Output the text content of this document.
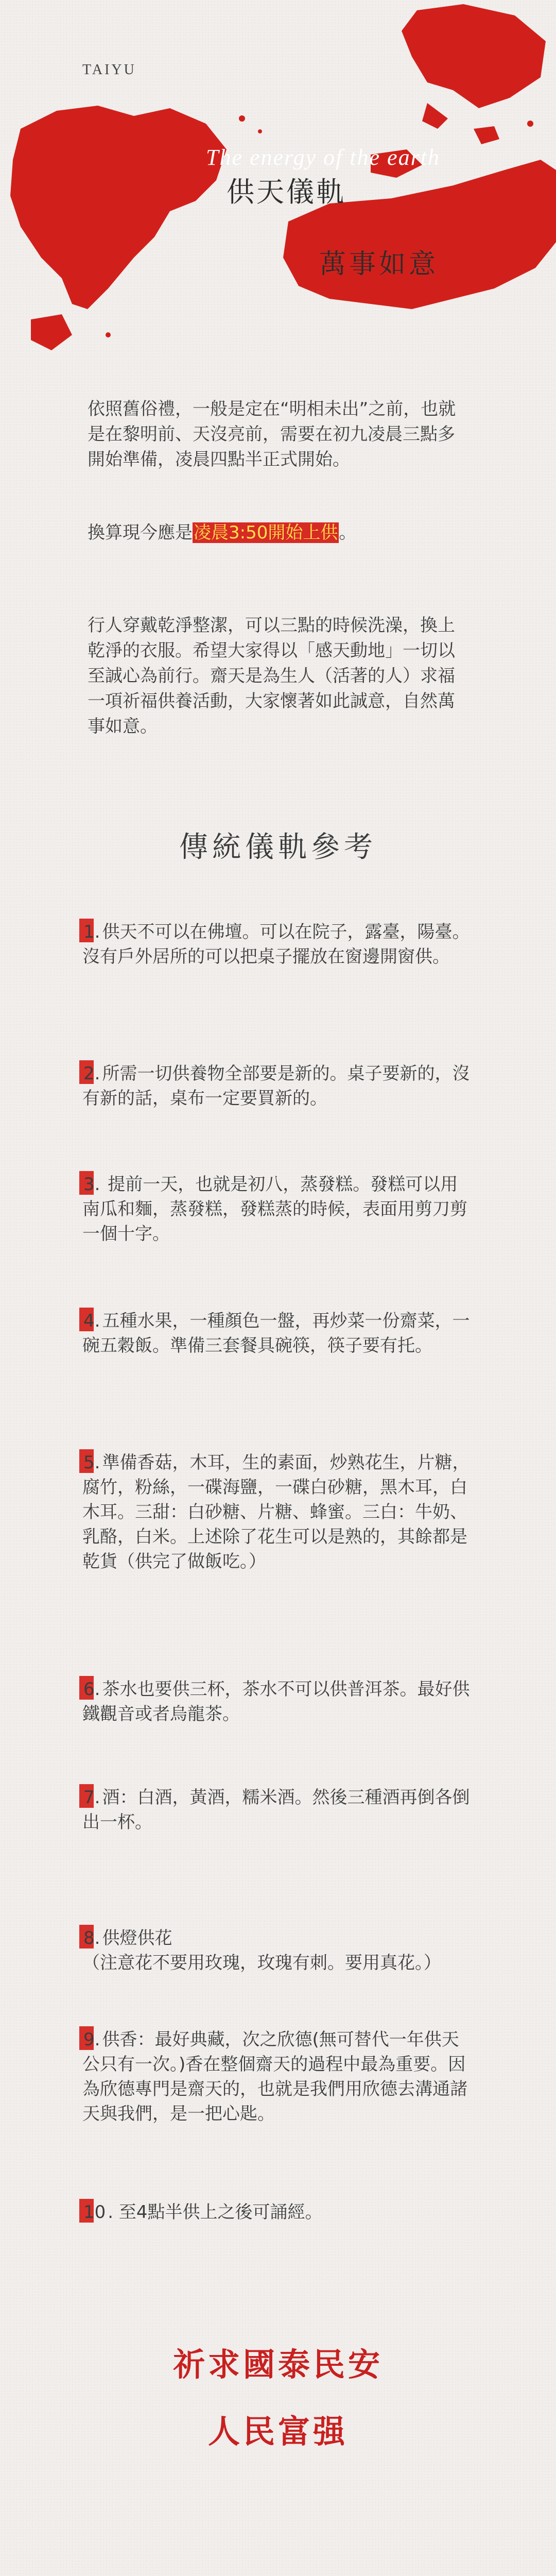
TAIYU
The energy of the earth
供天儀軌
萬事如意

依照舊俗禮，一般是定在“明相未出”之前，也就是在黎明前、天沒亮前，需要在初九凌晨三點多開始準備，凌晨四點半正式開始。

換算現今應是凌晨3:50開始上供。

行人穿戴乾淨整潔，可以三點的時候洗澡，換上乾淨的衣服。希望大家得以「感天動地」一切以至誠心為前行。齋天是為生人（活著的人）求福一項祈福供養活動，大家懷著如此誠意，自然萬事如意。

傳統儀軌參考

1. 供天不可以在佛壇。可以在院子，露臺，陽臺。沒有戶外居所的可以把桌子擺放在窗邊開窗供。

2. 所需一切供養物全部要是新的。桌子要新的，沒有新的話，桌布一定要買新的。

3. 提前一天，也就是初八，蒸發糕。發糕可以用南瓜和麵，蒸發糕，發糕蒸的時候，表面用剪刀剪一個十字。

4. 五種水果，一種顏色一盤，再炒菜一份齋菜，一碗五穀飯。準備三套餐具碗筷，筷子要有托。

5. 準備香菇，木耳，生的素面，炒熟花生，片糖，腐竹，粉絲，一碟海鹽，一碟白砂糖，黑木耳，白木耳。三甜：白砂糖、片糖、蜂蜜。三白：牛奶、乳酪，白米。上述除了花生可以是熟的，其餘都是乾貨（供完了做飯吃。）

6. 茶水也要供三杯，茶水不可以供普洱茶。最好供鐵觀音或者烏龍茶。

7. 酒：白酒，黃酒，糯米酒。然後三種酒再倒各倒出一杯。

8. 供燈供花
（注意花不要用玫瑰，玫瑰有刺。要用真花。）

9. 供香：最好典藏，次之欣德(無可替代一年供天公只有一次。)香在整個齋天的過程中最為重要。因為欣德專門是齋天的，也就是我們用欣德去溝通諸天與我們，是一把心匙。

10 . 至4點半供上之後可誦經。

祈求國泰民安
人民富强
